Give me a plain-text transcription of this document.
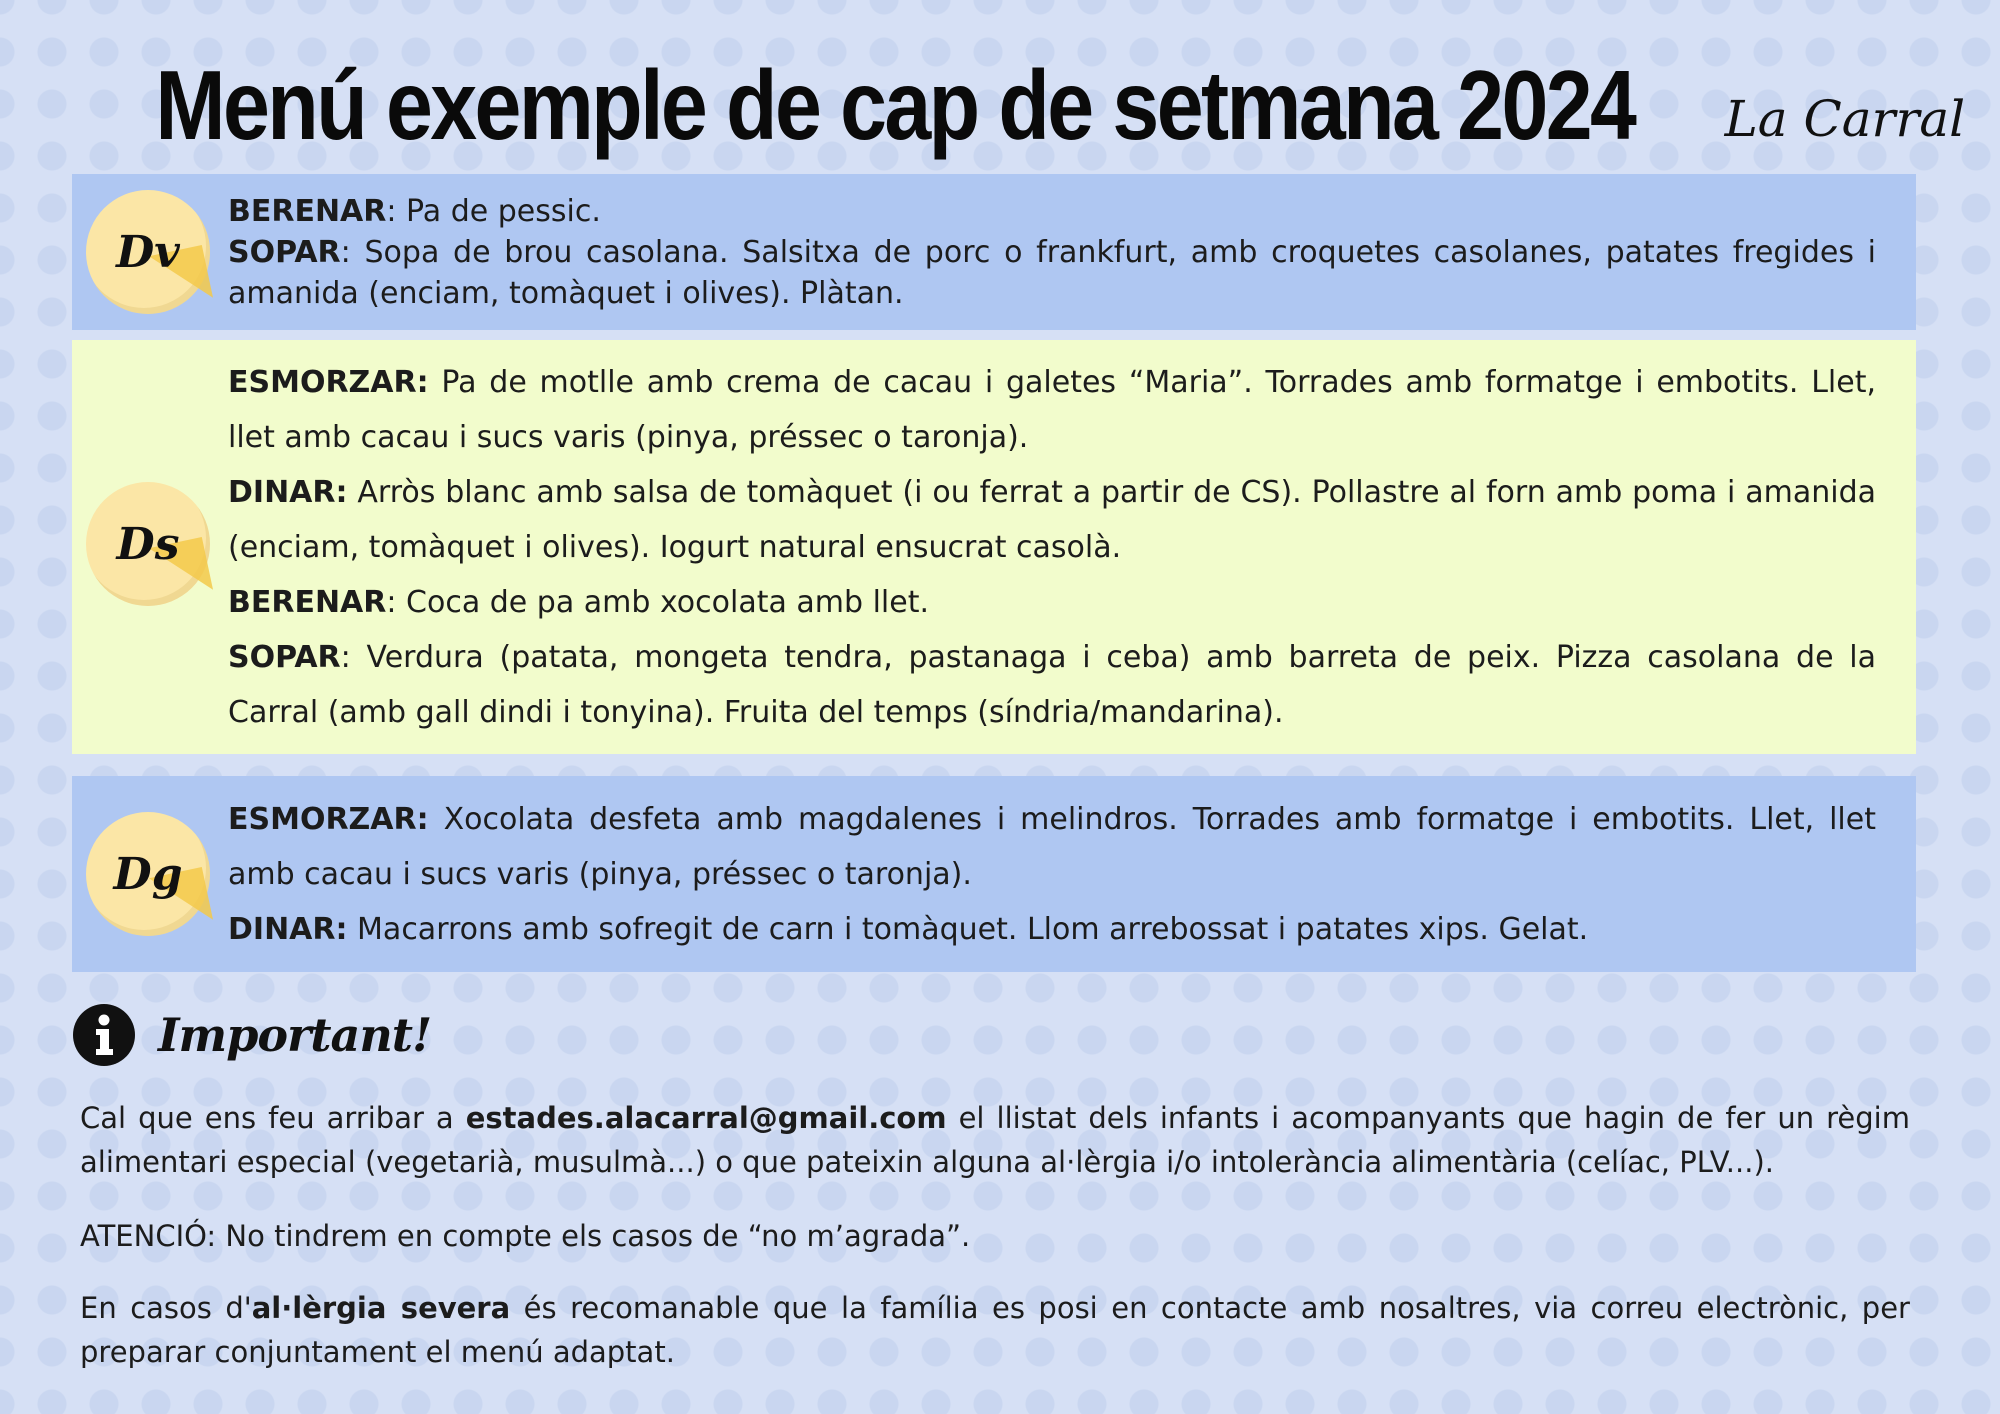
Menú exemple de cap de setmana 2024 La Carral
Dv

BERENAR: Pa de pessic.

SOPAR: Sopa de brou casolana. Salsitxa de porc o frankfurt, amb croquetes casolanes, patates fregides i amanida (enciam, tomàquet i olives). Plàtan.

Ds

ESMORZAR: Pa de motlle amb crema de cacau i galetes “Maria”. Torrades amb formatge i embotits. Llet, llet amb cacau i sucs varis (pinya, préssec o taronja).

DINAR: Arròs blanc amb salsa de tomàquet (i ou ferrat a partir de CS). Pollastre al forn amb poma i amanida (enciam, tomàquet i olives). Iogurt natural ensucrat casolà.

BERENAR: Coca de pa amb xocolata amb llet.

SOPAR: Verdura (patata, mongeta tendra, pastanaga i ceba) amb barreta de peix. Pizza casolana de la Carral (amb gall dindi i tonyina). Fruita del temps (síndria/mandarina).

Dg

ESMORZAR: Xocolata desfeta amb magdalenes i melindros. Torrades amb formatge i embotits. Llet, llet amb cacau i sucs varis (pinya, préssec o taronja).

DINAR: Macarrons amb sofregit de carn i tomàquet. Llom arrebossat i patates xips. Gelat.

Important!

Cal que ens feu arribar a estades.alacarral@gmail.com el llistat dels infants i acompanyants que hagin de fer un règim alimentari especial (vegetarià, musulmà...) o que pateixin alguna al·lèrgia i/o intolerància alimentària (celíac, PLV...).

ATENCIÓ: No tindrem en compte els casos de “no m’agrada”.

En casos d'al·lèrgia severa és recomanable que la família es posi en contacte amb nosaltres, via correu electrònic, per preparar conjuntament el menú adaptat.
